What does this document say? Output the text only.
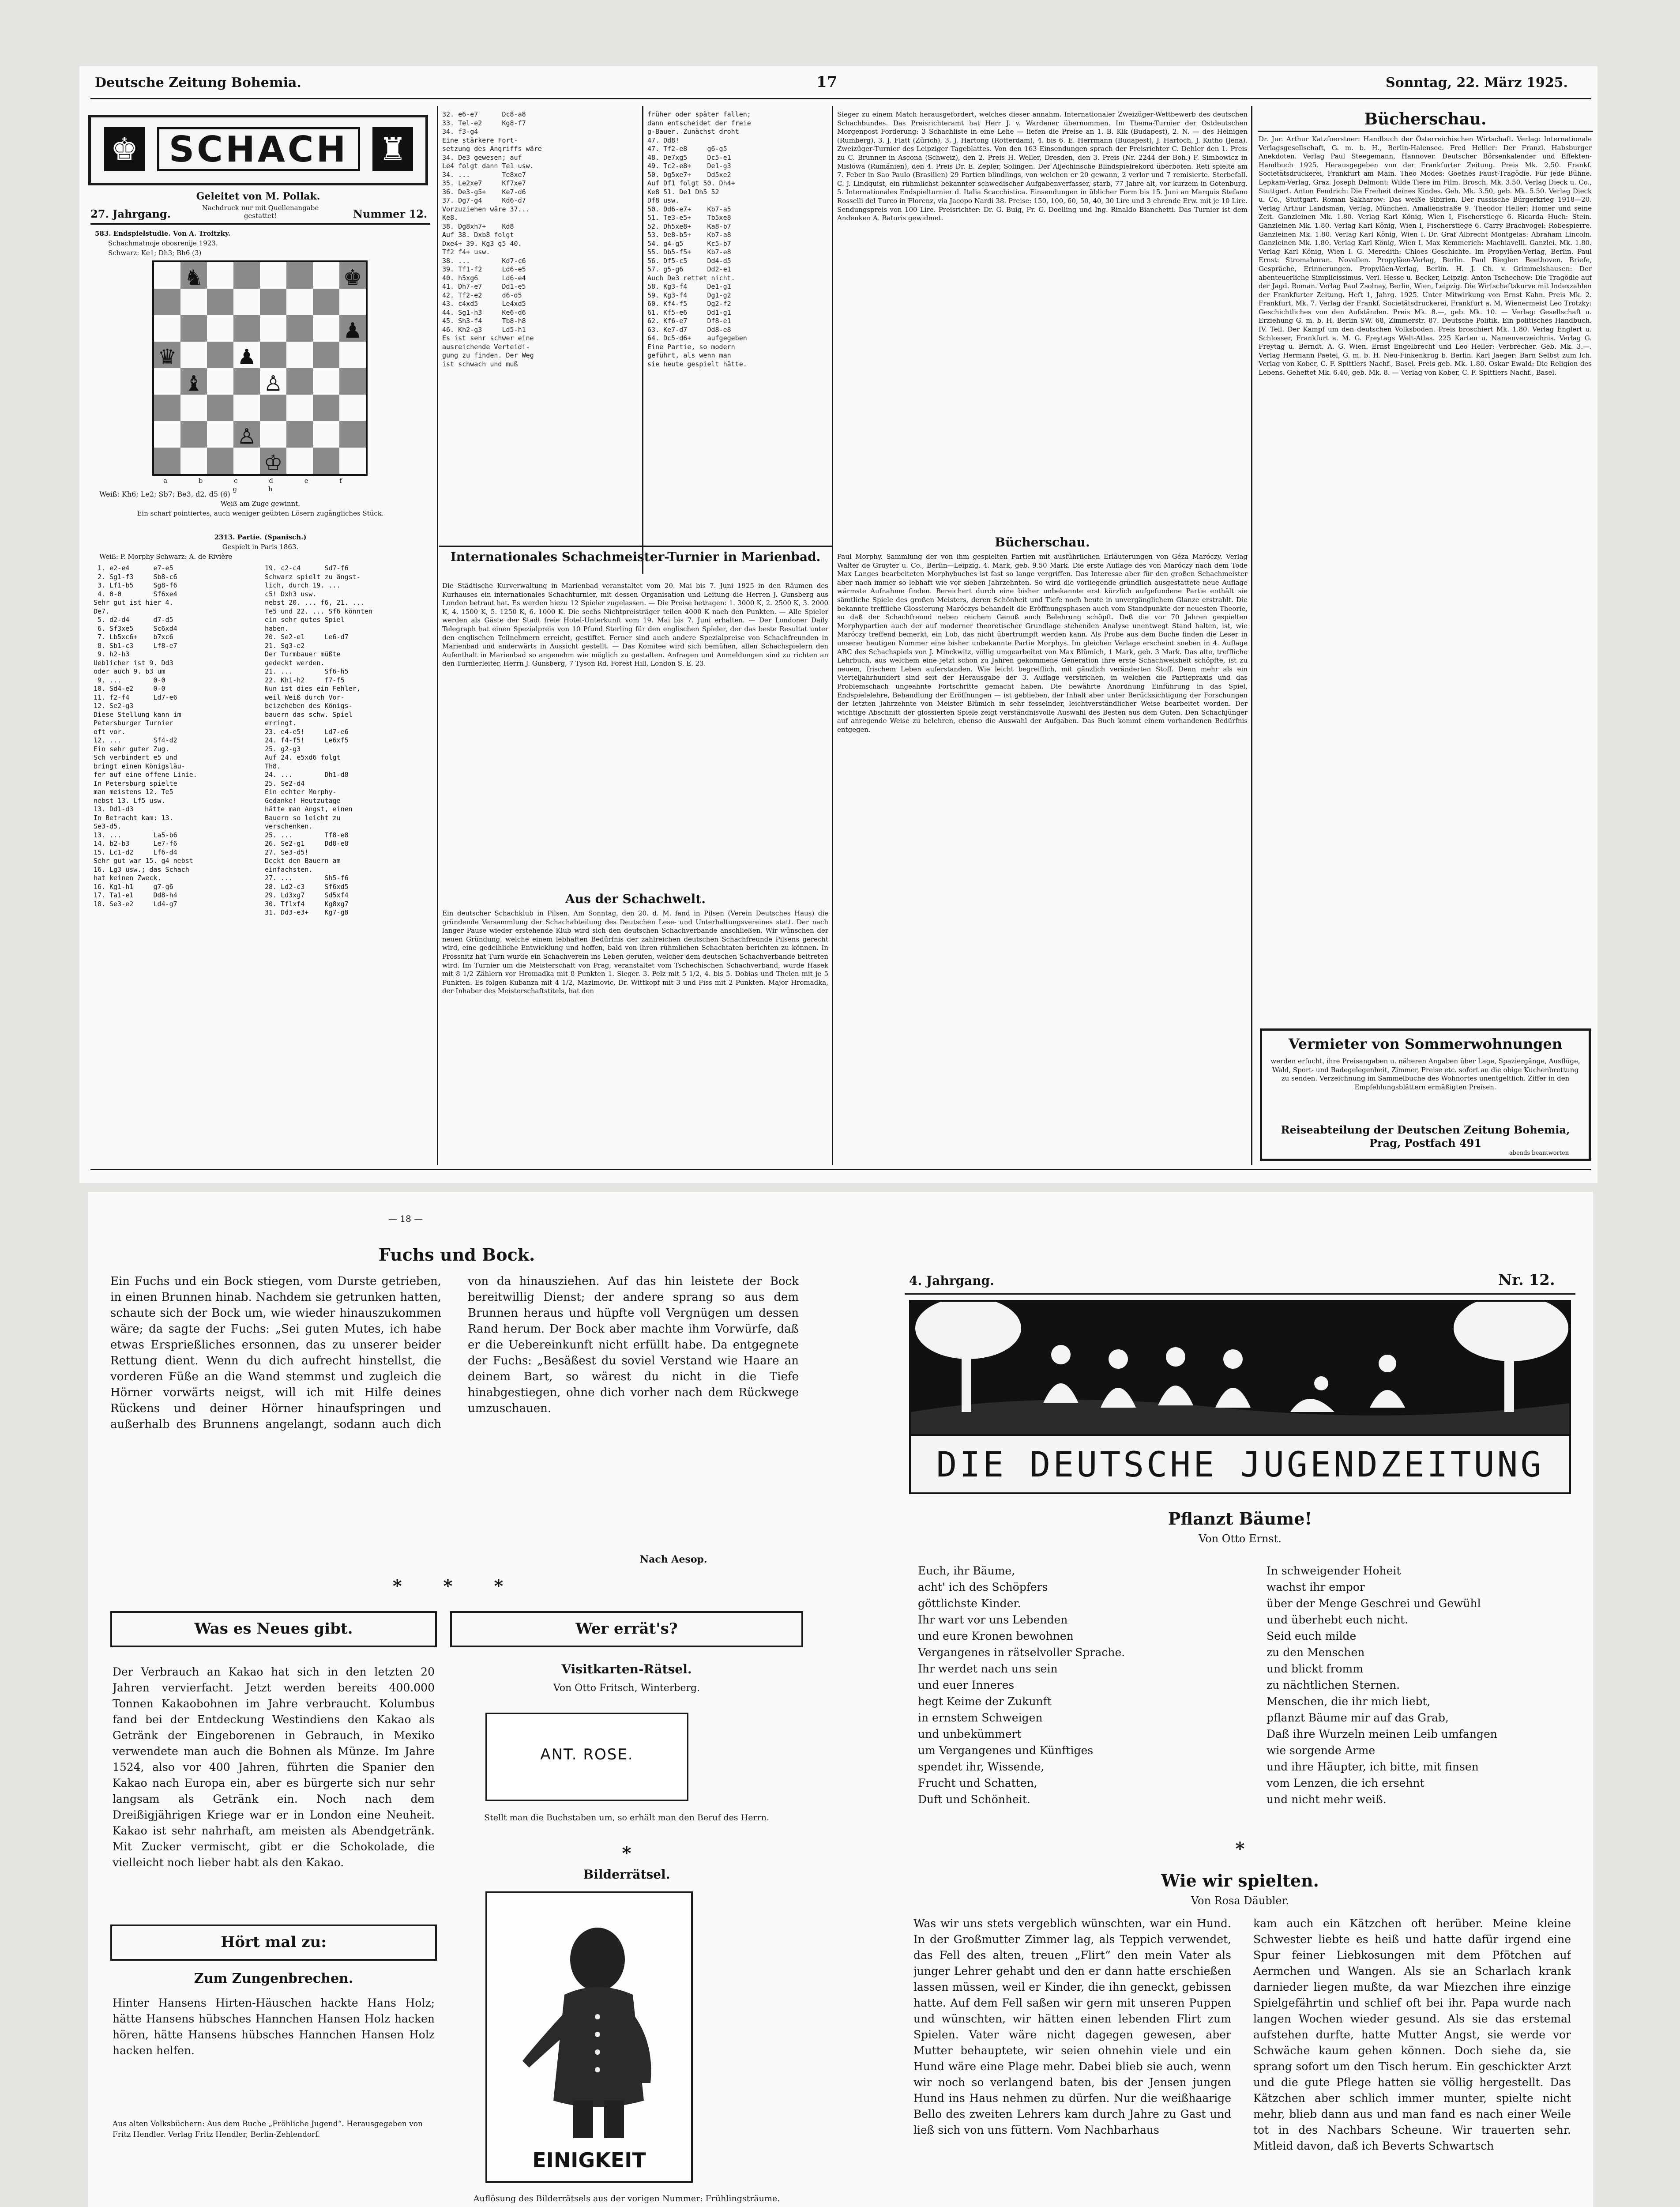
Deutsche Zeitung Bohemia.	17	Sonntag, 22. März 1925.
♚ SCHACH ♜
Geleitet von M. Pollak.
27. Jahrgang.	Nachdruck nur mit Quellenangabe gestattet!	Nummer 12.
583. Endspielstudie. Von A. Troitzky.
Schachmatnoje obosrenije 1923.
Schwarz: Ke1; Dh3; Bh6 (3)
a b c d e f g h
Weiß: Kh6; Le2; Sb7; Be3, d2, d5 (6)
Weiß am Zuge gewinnt.
Ein scharf pointiertes, auch weniger geübten Lösern zugängliches Stück.
2313. Partie. (Spanisch.)
Gespielt in Paris 1863.
Weiß: P. Morphy Schwarz: A. de Rivière
1. e2-e4      e7-e5
2. Sg1-f3     Sb8-c6
3. Lf1-b5     Sg8-f6
4. 0-0        Sf6xe4
Sehr gut ist hier 4.
De7.
5. d2-d4      d7-d5
6. Sf3xe5     Sc6xd4
7. Lb5xc6+    b7xc6
8. Sb1-c3     Lf8-e7
9. h2-h3
Ueblicher ist 9. Dd3
oder auch 9. b3 um
9. ...        0-0
10. Sd4-e2     0-0
11. f2-f4      Ld7-e6
12. Se2-g3
Diese Stellung kann im
Petersburger Turnier
oft vor.
12. ...        Sf4-d2
Ein sehr guter Zug.
Sch verbindert e5 und
bringt einen Königsläu-
fer auf eine offene Linie.
In Petersburg spielte
man meistens 12. Te5
nebst 13. Lf5 usw.
13. Dd1-d3
In Betracht kam: 13.
Se3-d5.
13. ...        La5-b6
14. b2-b3      Le7-f6
15. Lc1-d2     Lf6-d4
Sehr gut war 15. g4 nebst
16. Lg3 usw.; das Schach
hat keinen Zweck.
16. Kg1-h1     g7-g6
17. Ta1-e1     Dd8-h4
18. Se3-e2     Ld4-g7
19. c2-c4      Sd7-f6
Schwarz spielt zu ängst-
lich, durch 19. ...
c5! Dxh3 usw.
nebst 20. ... f6, 21. ...
Te5 und 22. ... Sf6 könnten
ein sehr gutes Spiel
haben.
20. Se2-e1     Le6-d7
21. Sg3-e2
Der Turmbauer müßte
gedeckt werden.
21. ...        Sf6-h5
22. Kh1-h2     f7-f5
Nun ist dies ein Fehler,
weil Weiß durch Vor-
beizeheben des Königs-
bauern das schw. Spiel
erringt.
23. e4-e5!     Ld7-e6
24. f4-f5!     Le6xf5
25. g2-g3
Auf 24. e5xd6 folgt
Th8.
24. ...        Dh1-d8
25. Se2-d4
Ein echter Morphy-
Gedanke! Heutzutage
hätte man Angst, einen
Bauern so leicht zu
verschenken.
25. ...        Tf8-e8
26. Se2-g1     Dd8-e8
27. Se3-d5!
Deckt den Bauern am
einfachsten.
27. ...        Sh5-f6
28. Ld2-c3     Sf6xd5
29. Ld3xg7     Sd5xf4
30. Tf1xf4     Kg8xg7
31. Dd3-e3+    Kg7-g8
32. e6-e7      Dc8-a8
33. Tel-e2     Kg8-f7
34. f3-g4
Eine stärkere Fort-
setzung des Angriffs wäre
34. De3 gewesen; auf
Le4 folgt dann Te1 usw.
34. ...        Te8xe7
35. Le2xe7     Kf7xe7
36. De3-g5+    Ke7-d6
37. Dg7-g4     Kd6-d7
Vorzuziehen wäre 37...
Ke8.
38. Dg8xh7+    Kd8
Auf 38. Dxb8 folgt
Dxe4+ 39. Kg3 g5 40.
Tf2 f4+ usw.
38. ...        Kd7-c6
39. Tf1-f2     Ld6-e5
40. h5xg6      Ld6-e4
41. Dh7-e7     Dd1-e5
42. Tf2-e2     d6-d5
43. c4xd5      Le4xd5
44. Sg1-h3     Ke6-d6
45. Sh3-f4     Tb8-h8
46. Kh2-g3     Ld5-h1
Es ist sehr schwer eine
ausreichende Verteidi-
gung zu finden. Der Weg
ist schwach und muß
früher oder später fallen;
dann entscheidet der freie
g-Bauer. Zunächst droht
47. Dd8!
47. Tf2-e8     g6-g5
48. De7xg5     Dc5-e1
49. Tc2-e8+    De1-g3
50. Dg5xe7+    Dd5xe2
Auf Df1 folgt 50. Dh4+
Ke8 51. De1 Dh5 52
Df8 usw.
50. Dd6-e7+    Kb7-a5
51. Te3-e5+    Tb5xe8
52. Dh5xe8+    Ka8-b7
53. De8-b5+    Kb7-a8
54. g4-g5      Kc5-b7
55. Db5-f5+    Kb7-e8
56. Df5-c5     Dd4-d5
57. g5-g6      Dd2-e1
Auch De3 rettet nicht.
58. Kg3-f4     De1-g1
59. Kg3-f4     Dg1-g2
60. Kf4-f5     Dg2-f2
61. Kf5-e6     Dd1-g1
62. Kf6-e7     Df8-e1
63. Ke7-d7     Dd8-e8
64. Dc5-d6+    aufgegeben
Eine Partie, so modern
geführt, als wenn man
sie heute gespielt hätte.
Internationales Schachmeister-Turnier in Marienbad.
Die Städtische Kurverwaltung in Marienbad veranstaltet vom 20. Mai bis 7. Juni 1925 in den Räumen des Kurhauses ein internationales Schachturnier, mit dessen Organisation und Leitung die Herren J. Gunsberg aus London betraut hat. Es werden hiezu 12 Spieler zugelassen. — Die Preise betragen: 1. 3000 K, 2. 2500 K, 3. 2000 K, 4. 1500 K, 5. 1250 K, 6. 1000 K. Die sechs Nichtpreisträger teilen 4000 K nach den Punkten. — Alle Spieler werden als Gäste der Stadt freie Hotel-Unterkunft vom 19. Mai bis 7. Juni erhalten. — Der Londoner Daily Telegraph hat einen Spezialpreis von 10 Pfund Sterling für den englischen Spieler, der das beste Resultat unter den englischen Teilnehmern erreicht, gestiftet. Ferner sind auch andere Spezialpreise von Schachfreunden in Marienbad und anderwärts in Aussicht gestellt. — Das Komitee wird sich bemühen, allen Schachspielern den Aufenthalt in Marienbad so angenehm wie möglich zu gestalten. Anfragen und Anmeldungen sind zu richten an den Turnierleiter, Herrn J. Gunsberg, 7 Tyson Rd. Forest Hill, London S. E. 23.
Aus der Schachwelt.
Ein deutscher Schachklub in Pilsen. Am Sonntag, den 20. d. M. fand in Pilsen (Verein Deutsches Haus) die gründende Versammlung der Schachabteilung des Deutschen Lese- und Unterhaltungsvereines statt. Der nach langer Pause wieder erstehende Klub wird sich den deutschen Schachverbande anschließen. Wir wünschen der neuen Gründung, welche einem lebhaften Bedürfnis der zahlreichen deutschen Schachfreunde Pilsens gerecht wird, eine gedeihliche Entwicklung und hoffen, bald von ihren rühmlichen Schachtaten berichten zu können. In Prossnitz hat Turn wurde ein Schachverein ins Leben gerufen, welcher dem deutschen Schachverbande beitreten wird. Im Turnier um die Meisterschaft von Prag, veranstaltet vom Tschechischen Schachverband, wurde Hasek mit 8 1/2 Zählern vor Hromadka mit 8 Punkten 1. Sieger. 3. Pelz mit 5 1/2, 4. bis 5. Dobias und Thelen mit je 5 Punkten. Es folgen Kubanza mit 4 1/2, Mazimovic, Dr. Wittkopf mit 3 und Fiss mit 2 Punkten. Major Hromadka, der Inhaber des Meisterschaftstitels, hat den
Sieger zu einem Match herausgefordert, welches dieser annahm. Internationaler Zweizüger-Wettbewerb des deutschen Schachbundes. Das Preisrichteramt hat Herr J. v. Wardener übernommen. Im Thema-Turnier der Ostdeutschen Morgenpost Forderung: 3 Schachliste in eine Lehe — liefen die Preise an 1. B. Kik (Budapest), 2. N. — des Heinigen (Rumberg), 3. J. Flatt (Zürich), 3. J. Hartong (Rotterdam), 4. bis 6. E. Herrmann (Budapest), J. Hartoch, J. Kutho (Jena). Zweizüger-Turnier des Leipziger Tageblattes. Von den 163 Einsendungen sprach der Preisrichter C. Dehler den 1. Preis zu C. Brunner in Ascona (Schweiz), den 2. Preis H. Weller, Dresden, den 3. Preis (Nr. 2244 der Boh.) F. Simbowicz in Mislowa (Rumänien), den 4. Preis Dr. E. Zepler, Solingen. Der Aljechinsche Blindspielrekord überboten. Reti spielte am 7. Feber in Sao Paulo (Brasilien) 29 Partien blindlings, von welchen er 20 gewann, 2 verlor und 7 remisierte. Sterbefall. C. J. Lindquist, ein rühmlichst bekannter schwedischer Aufgabenverfasser, starb, 77 Jahre alt, vor kurzem in Gotenburg. 5. Internationales Endspielturnier d. Italia Scacchistica. Einsendungen in üblicher Form bis 15. Juni an Marquis Stefano Rosselli del Turco in Florenz, via Jacopo Nardi 38. Preise: 150, 100, 60, 50, 40, 30 Lire und 3 ehrende Erw. mit je 10 Lire. Sendungspreis von 100 Lire. Preisrichter: Dr. G. Buig, Fr. G. Doelling und Ing. Rinaldo Bianchetti. Das Turnier ist dem Andenken A. Batoris gewidmet.
Bücherschau.
Paul Morphy. Sammlung der von ihm gespielten Partien mit ausführlichen Erläuterungen von Géza Maróczy. Verlag Walter de Gruyter u. Co., Berlin—Leipzig. 4. Mark, geb. 9.50 Mark. Die erste Auflage des von Maróczy nach dem Tode Max Langes bearbeiteten Morphybuches ist fast so lange vergriffen. Das Interesse aber für den großen Schachmeister aber nach immer so lebhaft wie vor sieben Jahrzehnten. So wird die vorliegende gründlich ausgestattete neue Auflage wärmste Aufnahme finden. Bereichert durch eine bisher unbekannte erst kürzlich aufgefundene Partie enthält sie sämtliche Spiele des großen Meisters, deren Schönheit und Tiefe noch heute in unvergänglichem Glanze erstrahlt. Die bekannte treffliche Glossierung Maróczys behandelt die Eröffnungsphasen auch vom Standpunkte der neuesten Theorie, so daß der Schachfreund neben reichem Genuß auch Belehrung schöpft. Daß die vor 70 Jahren gespielten Morphypartien auch der auf moderner theoretischer Grundlage stehenden Analyse unentwegt Stand halten, ist, wie Maróczy treffend bemerkt, ein Lob, das nicht übertrumpft werden kann. Als Probe aus dem Buche finden die Leser in unserer heutigen Nummer eine bisher unbekannte Partie Morphys. Im gleichen Verlage erscheint soeben in 4. Auflage ABC des Schachspiels von J. Minckwitz, völlig umgearbeitet von Max Blümich, 1 Mark, geb. 3 Mark. Das alte, treffliche Lehrbuch, aus welchem eine jetzt schon zu Jahren gekommene Generation ihre erste Schachweisheit schöpfte, ist zu neuem, frischem Leben auferstanden. Wie leicht begreiflich, mit gänzlich veränderten Stoff. Denn mehr als ein Vierteljahrhundert sind seit der Herausgabe der 3. Auflage verstrichen, in welchen die Partiepraxis und das Problemschach ungeahnte Fortschritte gemacht haben. Die bewährte Anordnung Einführung in das Spiel, Endspielelehre, Behandlung der Eröffnungen — ist geblieben, der Inhalt aber unter Berücksichtigung der Forschungen der letzten Jahrzehnte von Meister Blümich in sehr fesselnder, leichtverständlicher Weise bearbeitet worden. Der wichtige Abschnitt der glossierten Spiele zeigt verständnisvolle Auswahl des Besten aus dem Guten. Den Schachjünger auf anregende Weise zu belehren, ebenso die Auswahl der Aufgaben. Das Buch kommt einem vorhandenen Bedürfnis entgegen.
Bücherschau.
Dr. Jur. Arthur Katzfoerstner: Handbuch der Österreichischen Wirtschaft. Verlag: Internationale Verlagsgesellschaft, G. m. b. H., Berlin-Halensee. Fred Hellier: Der Franzl. Habsburger Anekdoten. Verlag Paul Steegemann, Hannover. Deutscher Börsenkalender und Effekten-Handbuch 1925. Herausgegeben von der Frankfurter Zeitung. Preis Mk. 2.50. Frankf. Societätsdruckerei, Frankfurt am Main. Theo Modes: Goethes Faust-Tragödie. Für jede Bühne. Lepkam-Verlag, Graz. Joseph Delmont: Wilde Tiere im Film. Brosch. Mk. 3.50. Verlag Dieck u. Co., Stuttgart. Anton Fendrich: Die Freiheit deines Kindes. Geh. Mk. 3.50, geb. Mk. 5.50. Verlag Dieck u. Co., Stuttgart. Roman Sakharow: Das weiße Sibirien. Der russische Bürgerkrieg 1918—20. Verlag Arthur Landsman, Verlag, München. Amalienstraße 9. Theodor Heller: Homer und seine Zeit. Ganzleinen Mk. 1.80. Verlag Karl König, Wien I, Fischerstiege 6. Ricarda Huch: Stein. Ganzleinen Mk. 1.80. Verlag Karl König, Wien I, Fischerstiege 6. Carry Brachvogel: Robespierre. Ganzleinen Mk. 1.80. Verlag Karl König, Wien I. Dr. Graf Albrecht Montgelas: Abraham Lincoln. Ganzleinen Mk. 1.80. Verlag Karl König, Wien I. Max Kemmerich: Machiavelli. Ganzlei. Mk. 1.80. Verlag Karl König, Wien I. G. Meredith: Chloes Geschichte. Im Propyläen-Verlag, Berlin. Paul Ernst: Stromaburan. Novellen. Propyläen-Verlag, Berlin. Paul Biegler: Beethoven. Briefe, Gespräche, Erinnerungen. Propyläen-Verlag, Berlin. H. J. Ch. v. Grimmelshausen: Der abenteuerliche Simplicissimus. Verl. Hesse u. Becker, Leipzig. Anton Tschechow: Die Tragödie auf der Jagd. Roman. Verlag Paul Zsolnay, Berlin, Wien, Leipzig. Die Wirtschaftskurve mit Indexzahlen der Frankfurter Zeitung. Heft 1, Jahrg. 1925. Unter Mitwirkung von Ernst Kahn. Preis Mk. 2. Frankfurt, Mk. 7. Verlag der Frankf. Societätsdruckerei, Frankfurt a. M. Wienermeist Leo Trotzky: Geschichtliches von den Aufständen. Preis Mk. 8.—, geb. Mk. 10. — Verlag: Gesellschaft u. Erziehung G. m. b. H. Berlin SW. 68, Zimmerstr. 87. Deutsche Politik. Ein politisches Handbuch. IV. Teil. Der Kampf um den deutschen Volksboden. Preis broschiert Mk. 1.80. Verlag Englert u. Schlosser, Frankfurt a. M. G. Freytags Welt-Atlas. 225 Karten u. Namenverzeichnis. Verlag G. Freytag u. Berndt. A. G. Wien. Ernst Engelbrecht und Leo Heller: Verbrecher. Geb. Mk. 3.—. Verlag Hermann Paetel, G. m. b. H. Neu-Finkenkrug b. Berlin. Karl Jaeger: Barn Selbst zum Ich. Verlag von Kober, C. F. Spittlers Nachf., Basel. Preis geb. Mk. 1.80. Oskar Ewald: Die Religion des Lebens. Geheftet Mk. 6.40, geb. Mk. 8. — Verlag von Kober, C. F. Spittlers Nachf., Basel.
Vermieter von Sommerwohnungen
werden erfucht, ihre Preisangaben u. näheren Angaben über Lage, Spaziergänge, Ausflüge, Wald, Sport- und Badegelegenheit, Zimmer, Preise etc. sofort an die obige Kuchenbrettung zu senden. Verzeichnung im Sammelbuche des Wohnortes unentgeltlich. Ziffer in den Empfehlungsblättern ermäßigten Preisen.
Reiseabteilung der Deutschen Zeitung Bohemia, Prag, Postfach 491
abends beantworten
— 18 —
Fuchs und Bock.
Ein Fuchs und ein Bock stiegen, vom Durste getrieben, in einen Brunnen hinab. Nachdem sie getrunken hatten, schaute sich der Bock um, wie wieder hinauszukommen wäre; da sagte der Fuchs: „Sei guten Mutes, ich habe etwas Ersprießliches ersonnen, das zu unserer beider Rettung dient. Wenn du dich aufrecht hinstellst, die vorderen Füße an die Wand stemmst und zugleich die Hörner vorwärts neigst, will ich mit Hilfe deines Rückens und deiner Hörner hinaufspringen und außerhalb des Brunnens angelangt, sodann auch dich von da hinausziehen. Auf das hin leistete der Bock bereitwillig Dienst; der andere sprang so aus dem Brunnen heraus und hüpfte voll Vergnügen um dessen Rand herum. Der Bock aber machte ihm Vorwürfe, daß er die Uebereinkunft nicht erfüllt habe. Da entgegnete der Fuchs: „Besäßest du soviel Verstand wie Haare an deinem Bart, so wärest du nicht in die Tiefe hinabgestiegen, ohne dich vorher nach dem Rückwege umzuschauen.
Nach Aesop.
* * *
Was es Neues gibt.
Der Verbrauch an Kakao hat sich in den letzten 20 Jahren vervierfacht. Jetzt werden bereits 400.000 Tonnen Kakaobohnen im Jahre verbraucht. Kolumbus fand bei der Entdeckung Westindiens den Kakao als Getränk der Eingeborenen in Gebrauch, in Mexiko verwendete man auch die Bohnen als Münze. Im Jahre 1524, also vor 400 Jahren, führten die Spanier den Kakao nach Europa ein, aber es bürgerte sich nur sehr langsam als Getränk ein. Noch nach dem Dreißigjährigen Kriege war er in London eine Neuheit. Kakao ist sehr nahrhaft, am meisten als Abendgetränk. Mit Zucker vermischt, gibt er die Schokolade, die vielleicht noch lieber habt als den Kakao.
Hört mal zu:
Zum Zungenbrechen.
Hinter Hansens Hirten-Häuschen hackte Hans Holz; hätte Hansens hübsches Hannchen Hansen Holz hacken hören, hätte Hansens hübsches Hannchen Hansen Holz hacken helfen.
Aus alten Volksbüchern: Aus dem Buche „Fröhliche Jugend“. Herausgegeben von Fritz Hendler. Verlag Fritz Hendler, Berlin-Zehlendorf.
Wer errät's?
Visitkarten-Rätsel.
Von Otto Fritsch, Winterberg.
ANT. ROSE.
Stellt man die Buchstaben um, so erhält man den Beruf des Herrn.
*
Bilderrätsel.
EINIGKEIT
Auflösung des Bilderrätsels aus der vorigen Nummer: Frühlingsträume.
4. Jahrgang.	Nr. 12.
DIE DEUTSCHE JUGENDZEITUNG
Pflanzt Bäume!
Von Otto Ernst.
Euch, ihr Bäume,
acht' ich des Schöpfers
göttlichste Kinder.
Ihr wart vor uns Lebenden
und eure Kronen bewohnen
Vergangenes in rätselvoller Sprache.
Ihr werdet nach uns sein
und euer Inneres
hegt Keime der Zukunft
in ernstem Schweigen
und unbekümmert
um Vergangenes und Künftiges
spendet ihr, Wissende,
Frucht und Schatten,
Duft und Schönheit.
In schweigender Hoheit
wachst ihr empor
über der Menge Geschrei und Gewühl
und überhebt euch nicht.
Seid euch milde
zu den Menschen
und blickt fromm
zu nächtlichen Sternen.
Menschen, die ihr mich liebt,
pflanzt Bäume mir auf das Grab,
Daß ihre Wurzeln meinen Leib umfangen
wie sorgende Arme
und ihre Häupter, ich bitte, mit finsen
vom Lenzen, die ich ersehnt
und nicht mehr weiß.
*
Wie wir spielten.
Von Rosa Däubler.
Was wir uns stets vergeblich wünschten, war ein Hund. In der Großmutter Zimmer lag, als Teppich verwendet, das Fell des alten, treuen „Flirt“ den mein Vater als junger Lehrer gehabt und den er dann hatte erschießen lassen müssen, weil er Kinder, die ihn geneckt, gebissen hatte. Auf dem Fell saßen wir gern mit unseren Puppen und wünschten, wir hätten einen lebenden Flirt zum Spielen. Vater wäre nicht dagegen gewesen, aber Mutter behauptete, wir seien ohnehin viele und ein Hund wäre eine Plage mehr. Dabei blieb sie auch, wenn wir noch so verlangend baten, bis der Jensen jungen Hund ins Haus nehmen zu dürfen. Nur die weißhaarige Bello des zweiten Lehrers kam durch Jahre zu Gast und ließ sich von uns füttern. Vom Nachbarhaus
kam auch ein Kätzchen oft herüber. Meine kleine Schwester liebte es heiß und hatte dafür irgend eine Spur feiner Liebkosungen mit dem Pfötchen auf Aermchen und Wangen. Als sie an Scharlach krank darnieder liegen mußte, da war Miezchen ihre einzige Spielgefährtin und schlief oft bei ihr. Papa wurde nach langen Wochen wieder gesund. Als sie das erstemal aufstehen durfte, hatte Mutter Angst, sie werde vor Schwäche kaum gehen können. Doch siehe da, sie sprang sofort um den Tisch herum. Ein geschickter Arzt und die gute Pflege hatten sie völlig hergestellt. Das Kätzchen aber schlich immer munter, spielte nicht mehr, blieb dann aus und man fand es nach einer Weile tot in des Nachbars Scheune. Wir trauerten sehr. Mitleid davon, daß ich Beverts Schwartsch
